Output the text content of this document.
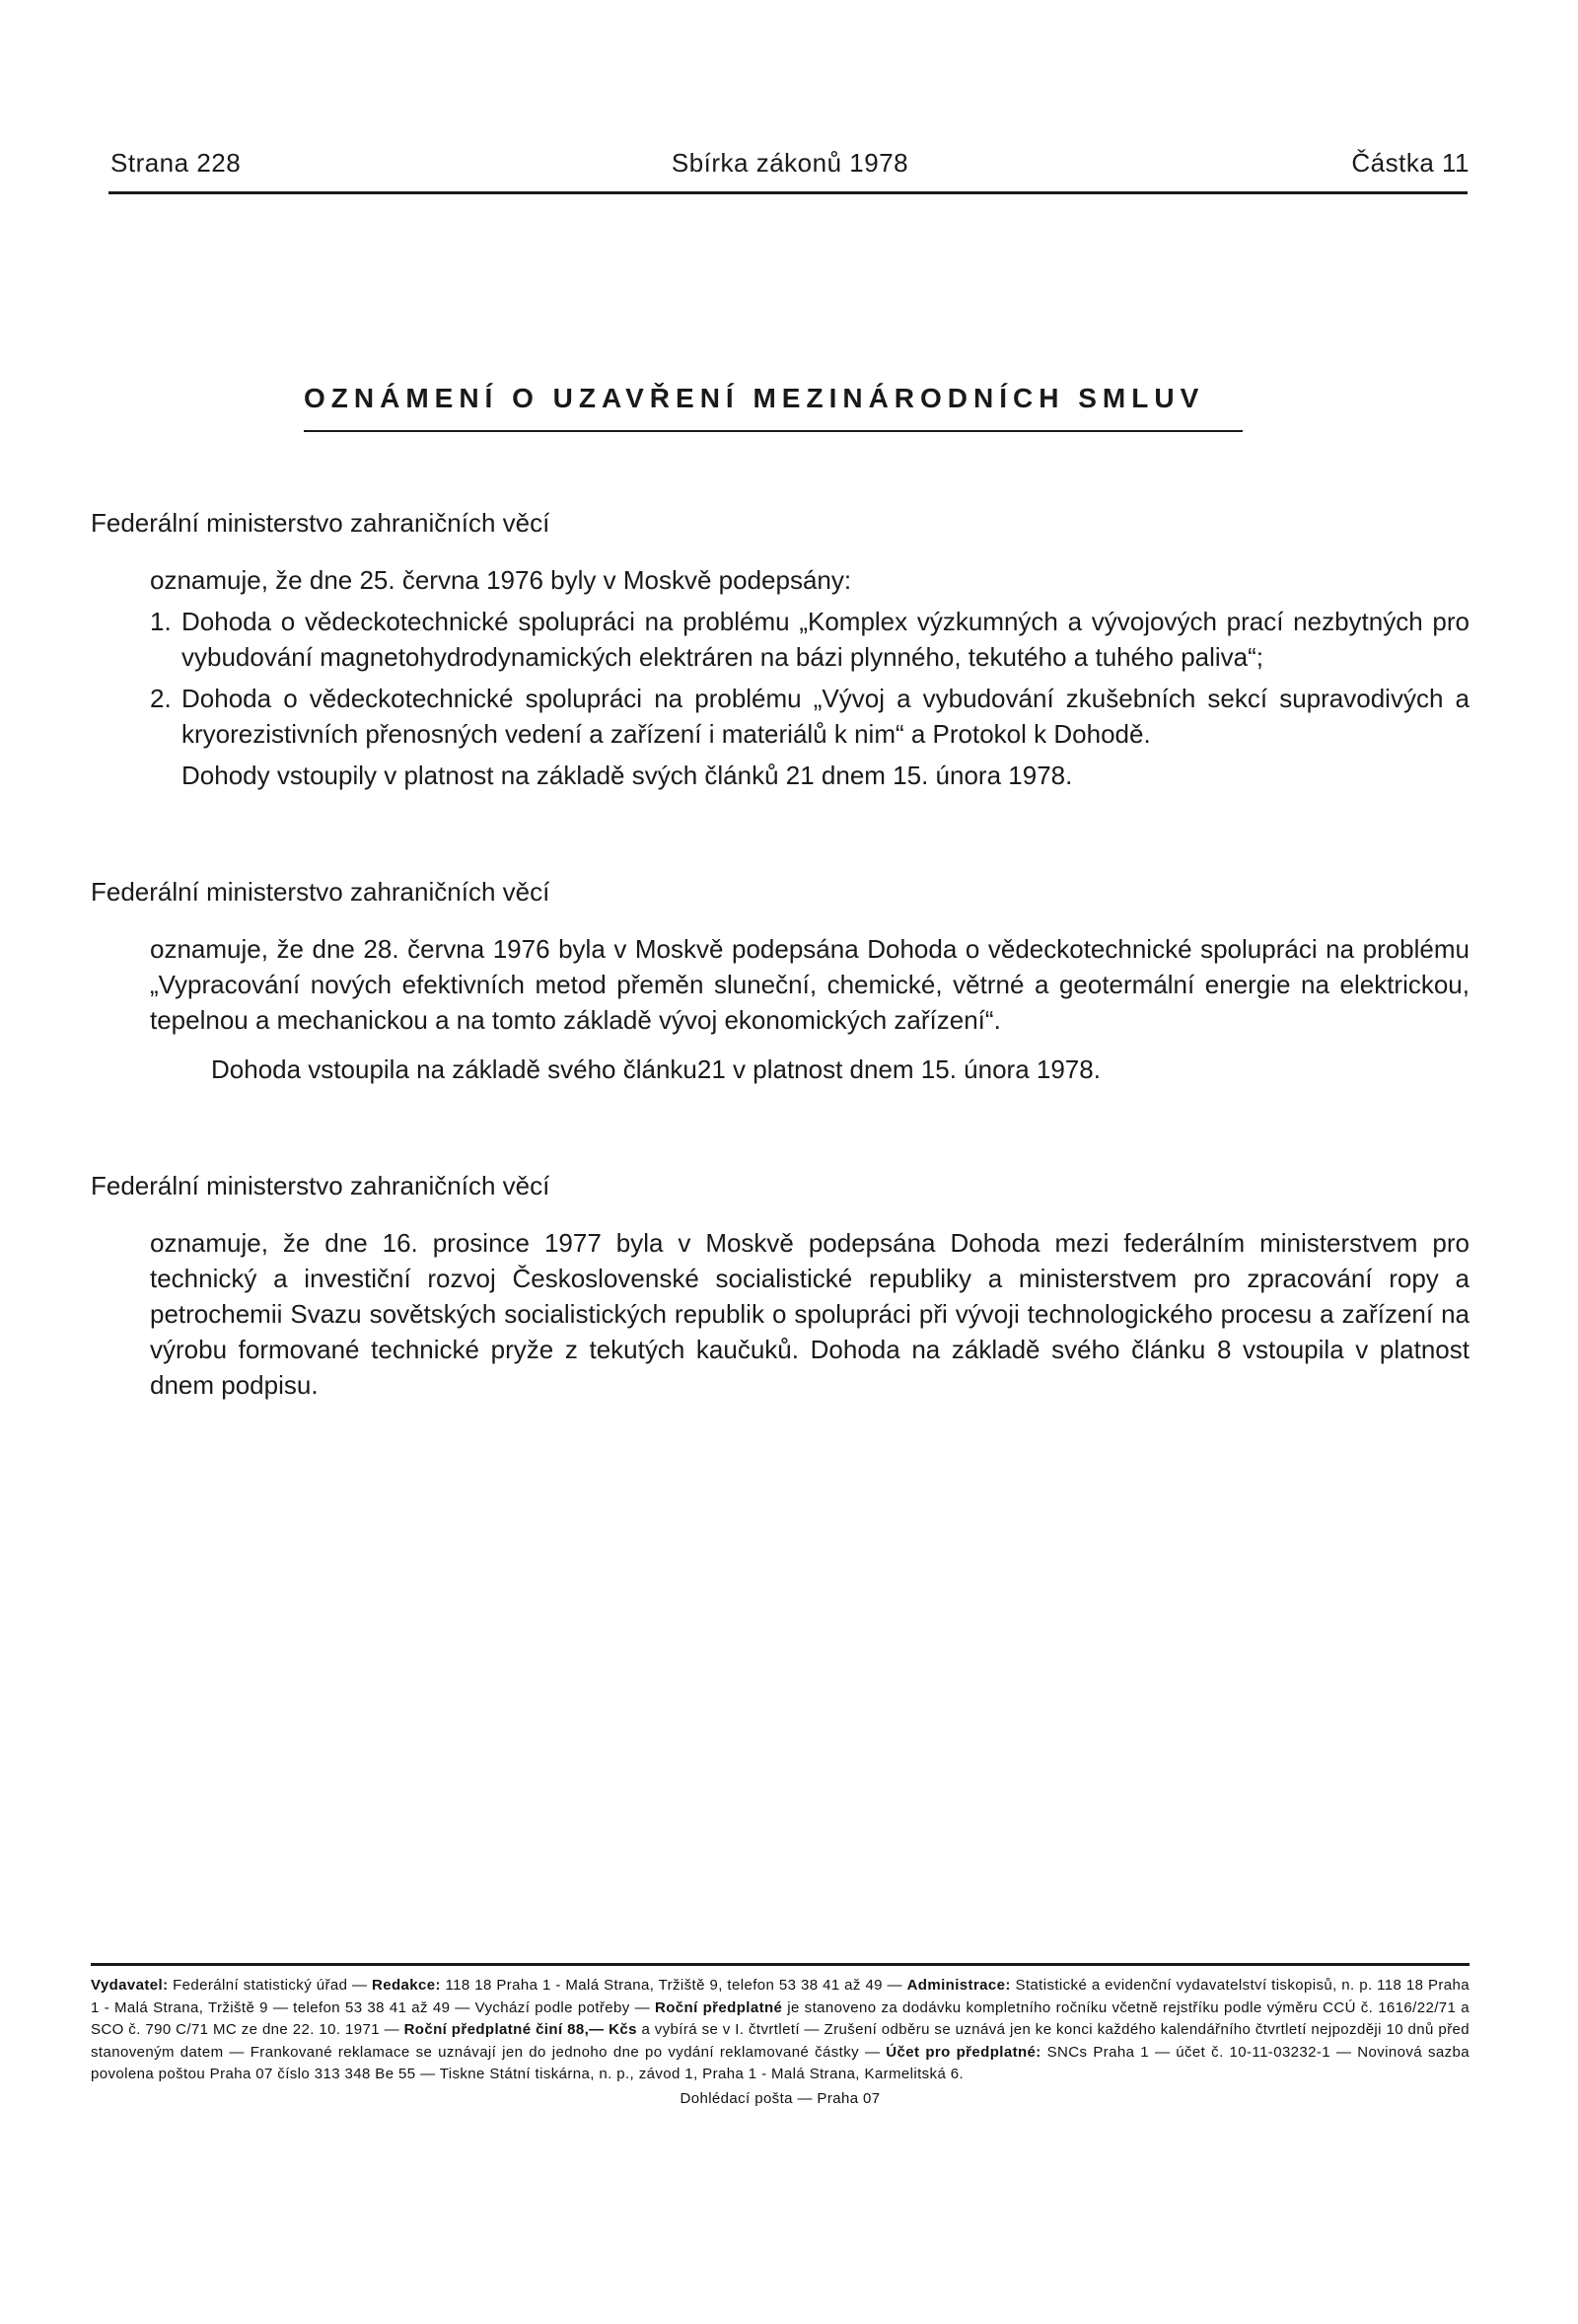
Strana 228	Sbírka zákonů 1978	Částka 11
OZNÁMENÍ O UZAVŘENÍ MEZINÁRODNÍCH SMLUV

Federální ministerstvo zahraničních věcí

oznamuje, že dne 25. června 1976 byly v Moskvě podepsány:

1. Dohoda o vědeckotechnické spolupráci na problému „Komplex výzkumných a vývojových prací nezbytných pro vybudování magnetohydrodynamických elektráren na bázi plynného, tekutého a tuhého paliva“;
2. Dohoda o vědeckotechnické spolupráci na problému „Vývoj a vybudování zkušebních sekcí supravodivých a kryorezistivních přenosných vedení a zařízení i materiálů k nim“ a Protokol k Dohodě.

Dohody vstoupily v platnost na základě svých článků 21 dnem 15. února 1978.

Federální ministerstvo zahraničních věcí

oznamuje, že dne 28. června 1976 byla v Moskvě podepsána Dohoda o vědeckotechnické spolupráci na problému „Vypracování nových efektivních metod přeměn sluneční, chemické, větrné a geotermální energie na elektrickou, tepelnou a mechanickou a na tomto základě vývoj ekonomických zařízení“.

Dohoda vstoupila na základě svého článku21 v platnost dnem 15. února 1978.

Federální ministerstvo zahraničních věcí

oznamuje, že dne 16. prosince 1977 byla v Moskvě podepsána Dohoda mezi federálním ministerstvem pro technický a investiční rozvoj Československé socialistické republiky a ministerstvem pro zpracování ropy a petrochemii Svazu sovětských socialistických republik o spolupráci při vývoji technologického procesu a zařízení na výrobu formované technické pryže z tekutých kaučuků. Dohoda na základě svého článku 8 vstoupila v platnost dnem podpisu.

Vydavatel: Federální statistický úřad — Redakce: 118 18 Praha 1 - Malá Strana, Tržiště 9, telefon 53 38 41 až 49 — Administrace: Statistické a evidenční vydavatelství tiskopisů, n. p. 118 18 Praha 1 - Malá Strana, Tržiště 9 — telefon 53 38 41 až 49 — Vychází podle potřeby — Roční předplatné je stanoveno za dodávku kompletního ročníku včetně rejstříku podle výměru CCÚ č. 1616/22/71 a SCO č. 790 C/71 MC ze dne 22. 10. 1971 — Roční předplatné činí 88,— Kčs a vybírá se v I. čtvrtletí — Zrušení odběru se uznává jen ke konci každého kalendářního čtvrtletí nejpozději 10 dnů před stanoveným datem — Frankované reklamace se uznávají jen do jednoho dne po vydání reklamované částky — Účet pro předplatné: SNCs Praha 1 — účet č. 10-11-03232-1 — Novinová sazba povolena poštou Praha 07 číslo 313 348 Be 55 — Tiskne Státní tiskárna, n. p., závod 1, Praha 1 - Malá Strana, Karmelitská 6.
Dohlédací pošta — Praha 07
